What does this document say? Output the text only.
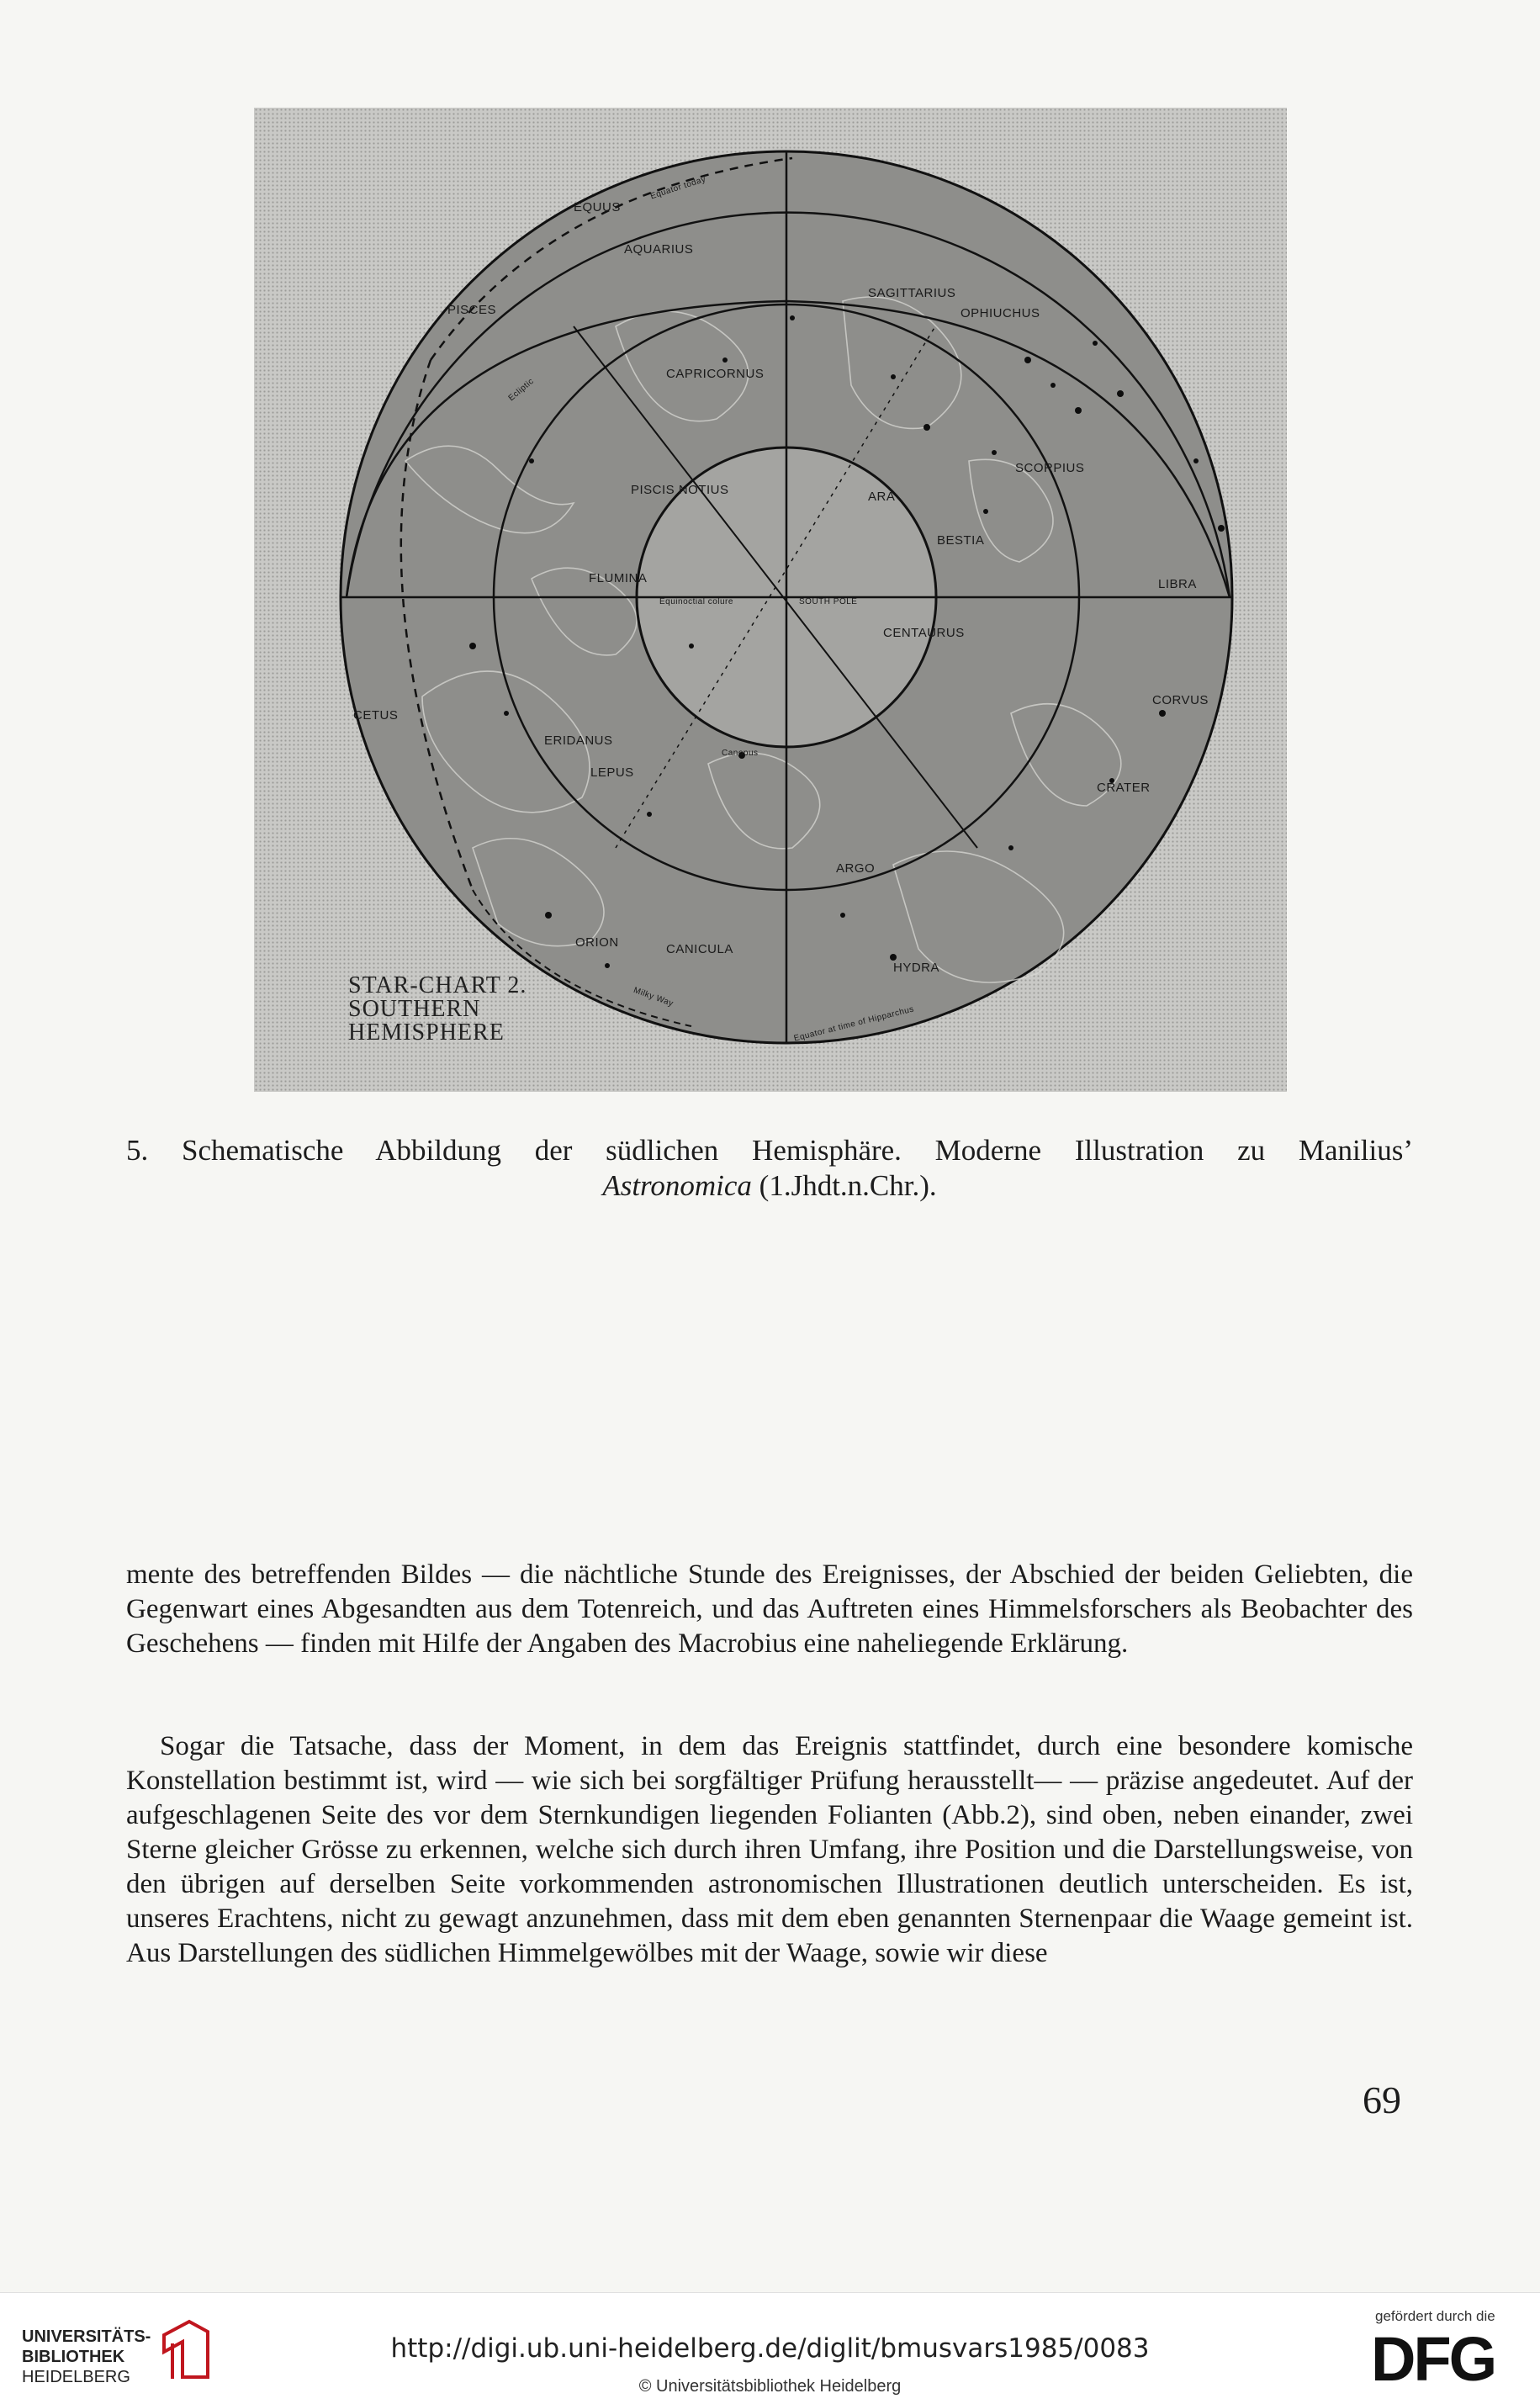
EQUUS
Equator today
AQUARIUS
PISCES
SAGITTARIUS
OPHIUCHUS
CAPRICORNUS
Ecliptic
SCORPIUS
PISCIS NOTIUS	ARA
BESTIA
FLUMINA	LIBRA
Equinoctial colure	SOUTH POLE
CENTAURUS
CETUS
CORVUS
ERIDANUS
LEPUS
Canopus
CRATER
ARGO
ORION	CANICULA
HYDRA
Milky Way
Equator at time of Hipparchus
STAR-CHART 2.
SOUTHERN
HEMISPHERE
5. Schematische Abbildung der südlichen Hemisphäre. Moderne Illustration zu Manilius’
Astronomica (1.Jhdt.n.Chr.).
mente des betreffenden Bildes — die nächtliche Stunde des Ereignisses, der Abschied der beiden Geliebten, die Gegenwart eines Abgesandten aus dem Totenreich, und das Auftreten eines Himmelsforschers als Beobachter des Geschehens — finden mit Hilfe der Angaben des Macrobius eine naheliegende Erklärung.
Sogar die Tatsache, dass der Moment, in dem das Ereignis stattfindet, durch eine besondere komische Konstellation bestimmt ist, wird — wie sich bei sorgfältiger Prüfung herausstellt— — präzise angedeutet. Auf der aufgeschlagenen Seite des vor dem Sternkundigen liegenden Folianten (Abb.2), sind oben, neben einander, zwei Sterne gleicher Grösse zu erkennen, welche sich durch ihren Umfang, ihre Position und die Darstellungsweise, von den übrigen auf derselben Seite vorkommenden astronomischen Illustrationen deutlich unterscheiden. Es ist, unseres Erachtens, nicht zu gewagt anzunehmen, dass mit dem eben genannten Sternenpaar die Waage gemeint ist. Aus Darstellungen des südlichen Himmelgewölbes mit der Waage, sowie wir diese
69
UNIVERSITÄTS-
BIBLIOTHEK
HEIDELBERG
http://digi.ub.uni-heidelberg.de/diglit/bmusvars1985/0083
© Universitätsbibliothek Heidelberg
gefördert durch die
DFG
